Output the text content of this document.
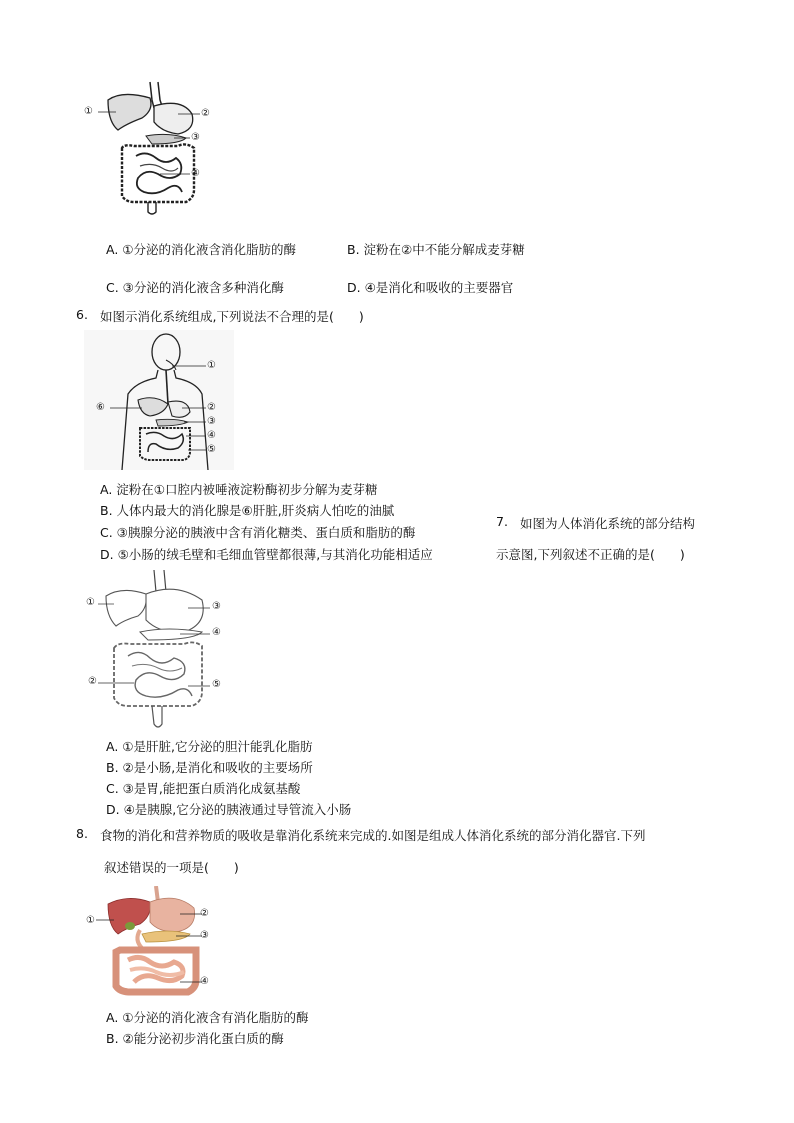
①	②
③
④
A. ①分泌的消化液含消化脂肪的酶	B. 淀粉在②中不能分解成麦芽糖
C. ③分泌的消化液含多种消化酶	D. ④是消化和吸收的主要器官
6. 如图示消化系统组成,下列说法不合理的是(　　)
①
⑥	②
③
④
⑤
A. 淀粉在①口腔内被唾液淀粉酶初步分解为麦芽糖
B. 人体内最大的消化腺是⑥肝脏,肝炎病人怕吃的油腻
C. ③胰腺分泌的胰液中含有消化糖类、蛋白质和脂肪的酶
D. ⑤小肠的绒毛壁和毛细血管壁都很薄,与其消化功能相适应
7. 如图为人体消化系统的部分结构
示意图,下列叙述不正确的是(　　)
①	③
④
②	⑤
A. ①是肝脏,它分泌的胆汁能乳化脂肪
B. ②是小肠,是消化和吸收的主要场所
C. ③是胃,能把蛋白质消化成氨基酸
D. ④是胰腺,它分泌的胰液通过导管流入小肠
8. 食物的消化和营养物质的吸收是靠消化系统来完成的.如图是组成人体消化系统的部分消化器官.下列
叙述错误的一项是(　　)
①
②
③
④
A. ①分泌的消化液含有消化脂肪的酶
B. ②能分泌初步消化蛋白质的酶
